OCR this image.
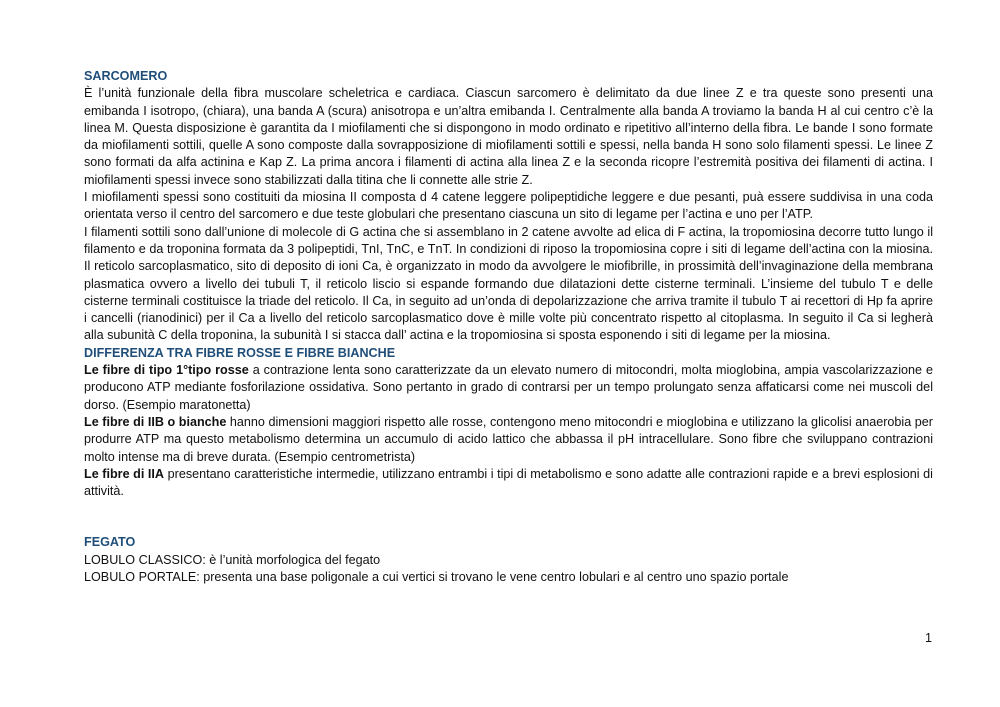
SARCOMERO

È l’unità funzionale della fibra muscolare scheletrica e cardiaca. Ciascun sarcomero è delimitato da due linee Z e tra queste sono presenti una emibanda I isotropo, (chiara), una banda A (scura) anisotropa e un’altra emibanda I. Centralmente alla banda A troviamo la banda H al cui centro c’è la linea M. Questa disposizione è garantita da I miofilamenti che si dispongono in modo ordinato e ripetitivo all’interno della fibra. Le bande I sono formate da miofilamenti sottili, quelle A sono composte dalla sovrapposizione di miofilamenti sottili e spessi, nella banda H sono solo filamenti spessi. Le linee Z sono formati da alfa actinina e Kap Z. La prima ancora i filamenti di actina alla linea Z e la seconda ricopre l’estremità positiva dei filamenti di actina. I miofilamenti spessi invece sono stabilizzati dalla titina che li connette alle strie Z.

I miofilamenti spessi sono costituiti da miosina II composta d 4 catene leggere polipeptidiche leggere e due pesanti, puà essere suddivisa in una coda orientata verso il centro del sarcomero e due teste globulari che presentano ciascuna un sito di legame per l’actina e uno per l’ATP.

I filamenti sottili sono dall’unione di molecole di G actina che si assemblano in 2 catene avvolte ad elica di F actina, la tropomiosina decorre tutto lungo il filamento e da troponina formata da 3 polipeptidi, TnI, TnC, e TnT. In condizioni di riposo la tropomiosina copre i siti di legame dell’actina con la miosina. Il reticolo sarcoplasmatico, sito di deposito di ioni Ca, è organizzato in modo da avvolgere le miofibrille, in prossimità dell’invaginazione della membrana plasmatica ovvero a livello dei tubuli T, il reticolo liscio si espande formando due dilatazioni dette cisterne terminali. L’insieme del tubulo T e delle cisterne terminali costituisce la triade del reticolo. Il Ca, in seguito ad un’onda di depolarizzazione che arriva tramite il tubulo T ai recettori di Hp fa aprire i cancelli (rianodinici) per il Ca a livello del reticolo sarcoplasmatico dove è mille volte più concentrato rispetto al citoplasma. In seguito il Ca si legherà alla subunità C della troponina, la subunità I si stacca dall’ actina e la tropomiosina si sposta esponendo i siti di legame per la miosina.

DIFFERENZA TRA FIBRE ROSSE E FIBRE BIANCHE

Le fibre di tipo 1°tipo rosse a contrazione lenta sono caratterizzate da un elevato numero di mitocondri, molta mioglobina, ampia vascolarizzazione e producono ATP mediante fosforilazione ossidativa. Sono pertanto in grado di contrarsi per un tempo prolungato senza affaticarsi come nei muscoli del dorso. (Esempio maratonetta)

Le fibre di IIB o bianche hanno dimensioni maggiori rispetto alle rosse, contengono meno mitocondri e mioglobina e utilizzano la glicolisi anaerobia per produrre ATP ma questo metabolismo determina un accumulo di acido lattico che abbassa il pH intracellulare. Sono fibre che sviluppano contrazioni molto intense ma di breve durata. (Esempio centrometrista)

Le fibre di IIA presentano caratteristiche intermedie, utilizzano entrambi i tipi di metabolismo e sono adatte alle contrazioni rapide e a brevi esplosioni di attività.

FEGATO
LOBULO CLASSICO: è l’unità morfologica del fegato
LOBULO PORTALE: presenta una base poligonale a cui vertici si trovano le vene centro lobulari e al centro uno spazio portale
1
